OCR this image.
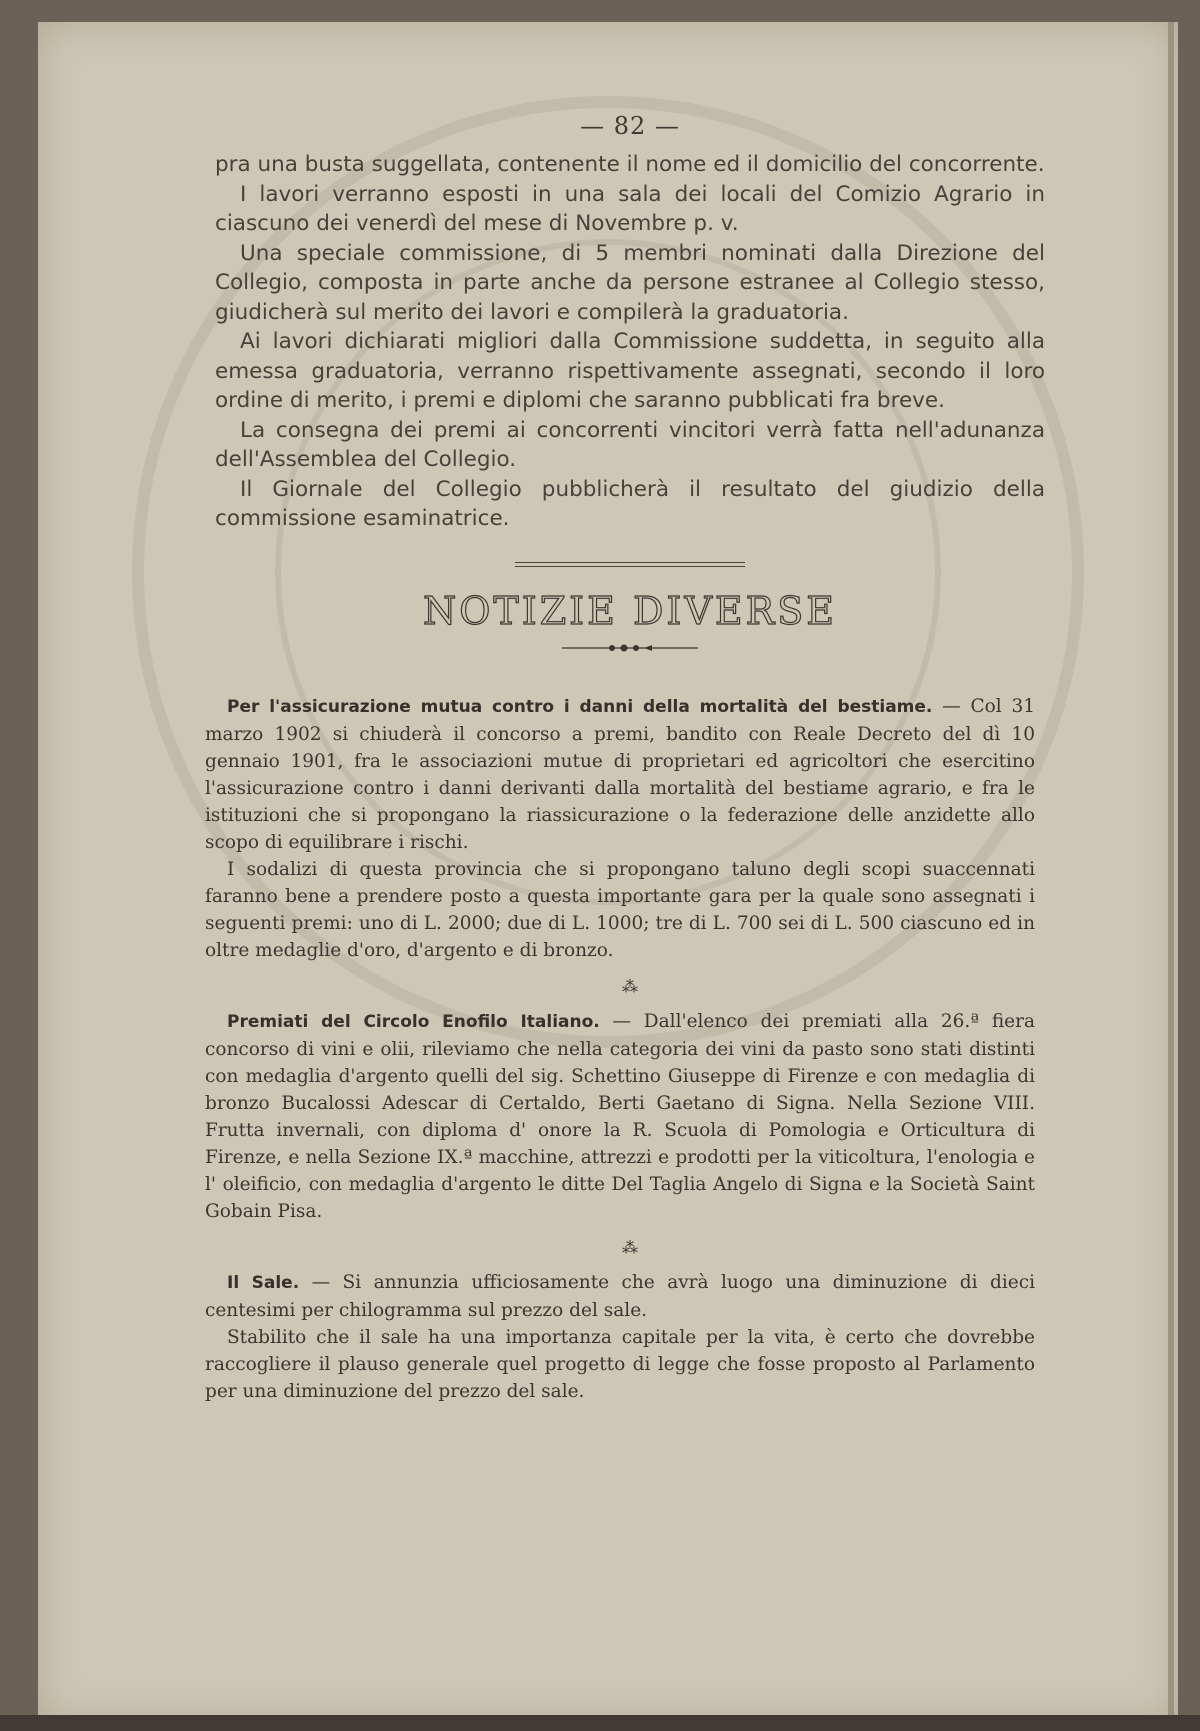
— 82 —

pra una busta suggellata, contenente il nome ed il domicilio del concorrente.

I lavori verranno esposti in una sala dei locali del Comizio Agrario in ciascuno dei venerdì del mese di Novembre p. v.

Una speciale commissione, di 5 membri nominati dalla Direzione del Collegio, composta in parte anche da persone estranee al Collegio stesso, giudicherà sul merito dei lavori e compilerà la graduatoria.

Ai lavori dichiarati migliori dalla Commissione suddetta, in seguito alla emessa graduatoria, verranno rispettivamente assegnati, secondo il loro ordine di merito, i premi e diplomi che saranno pubblicati fra breve.

La consegna dei premi ai concorrenti vincitori verrà fatta nell'adunanza dell'Assemblea del Collegio.

Il Giornale del Collegio pubblicherà il resultato del giudizio della commissione esaminatrice.

NOTIZIE DIVERSE

Per l'assicurazione mutua contro i danni della mortalità del bestiame. — Col 31 marzo 1902 si chiuderà il concorso a premi, bandito con Reale Decreto del dì 10 gennaio 1901, fra le associazioni mutue di proprietari ed agricoltori che esercitino l'assicurazione contro i danni derivanti dalla mortalità del bestiame agrario, e fra le istituzioni che si propongano la riassicurazione o la federazione delle anzidette allo scopo di equilibrare i rischi.

I sodalizi di questa provincia che si propongano taluno degli scopi suaccennati faranno bene a prendere posto a questa importante gara per la quale sono assegnati i seguenti premi: uno di L. 2000; due di L. 1000; tre di L. 700 sei di L. 500 ciascuno ed in oltre medaglie d'oro, d'argento e di bronzo.

⁂

Premiati del Circolo Enofilo Italiano. — Dall'elenco dei premiati alla 26.ª fiera concorso di vini e olii, rileviamo che nella categoria dei vini da pasto sono stati distinti con medaglia d'argento quelli del sig. Schettino Giuseppe di Firenze e con medaglia di bronzo Bucalossi Adescar di Certaldo, Berti Gaetano di Signa. Nella Sezione VIII. Frutta invernali, con diploma d' onore la R. Scuola di Pomologia e Orticultura di Firenze, e nella Sezione IX.ª macchine, attrezzi e prodotti per la viticoltura, l'enologia e l' oleificio, con medaglia d'argento le ditte Del Taglia Angelo di Signa e la Società Saint Gobain Pisa.

⁂

Il Sale. — Si annunzia ufficiosamente che avrà luogo una diminuzione di dieci centesimi per chilogramma sul prezzo del sale.

Stabilito che il sale ha una importanza capitale per la vita, è certo che dovrebbe raccogliere il plauso generale quel progetto di legge che fosse proposto al Parlamento per una diminuzione del prezzo del sale.
